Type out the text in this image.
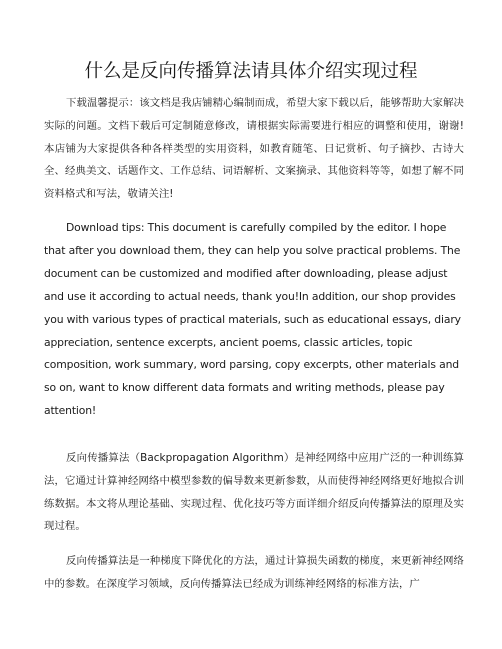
什么是反向传播算法请具体介绍实现过程

下载温馨提示：该文档是我店铺精心编制而成，希望大家下载以后，能够帮助大家解决实际的问题。文档下载后可定制随意修改，请根据实际需要进行相应的调整和使用，谢谢!本店铺为大家提供各种各样类型的实用资料，如教育随笔、日记赏析、句子摘抄、古诗大全、经典美文、话题作文、工作总结、词语解析、文案摘录、其他资料等等，如想了解不同资料格式和写法，敬请关注!

Download tips: This document is carefully compiled by the editor. I hope that after you download them, they can help you solve practical problems. The document can be customized and modified after downloading, please adjust and use it according to actual needs, thank you!In addition, our shop provides you with various types of practical materials, such as educational essays, diary appreciation, sentence excerpts, ancient poems, classic articles, topic composition, work summary, word parsing, copy excerpts, other materials and so on, want to know different data formats and writing methods, please pay attention!

反向传播算法（Backpropagation Algorithm）是神经网络中应用广泛的一种训练算法，它通过计算神经网络中模型参数的偏导数来更新参数，从而使得神经网络更好地拟合训练数据。本文将从理论基础、实现过程、优化技巧等方面详细介绍反向传播算法的原理及实现过程。

反向传播算法是一种梯度下降优化的方法，通过计算损失函数的梯度，来更新神经网络中的参数。在深度学习领域，反向传播算法已经成为训练神经网络的标准方法，广
